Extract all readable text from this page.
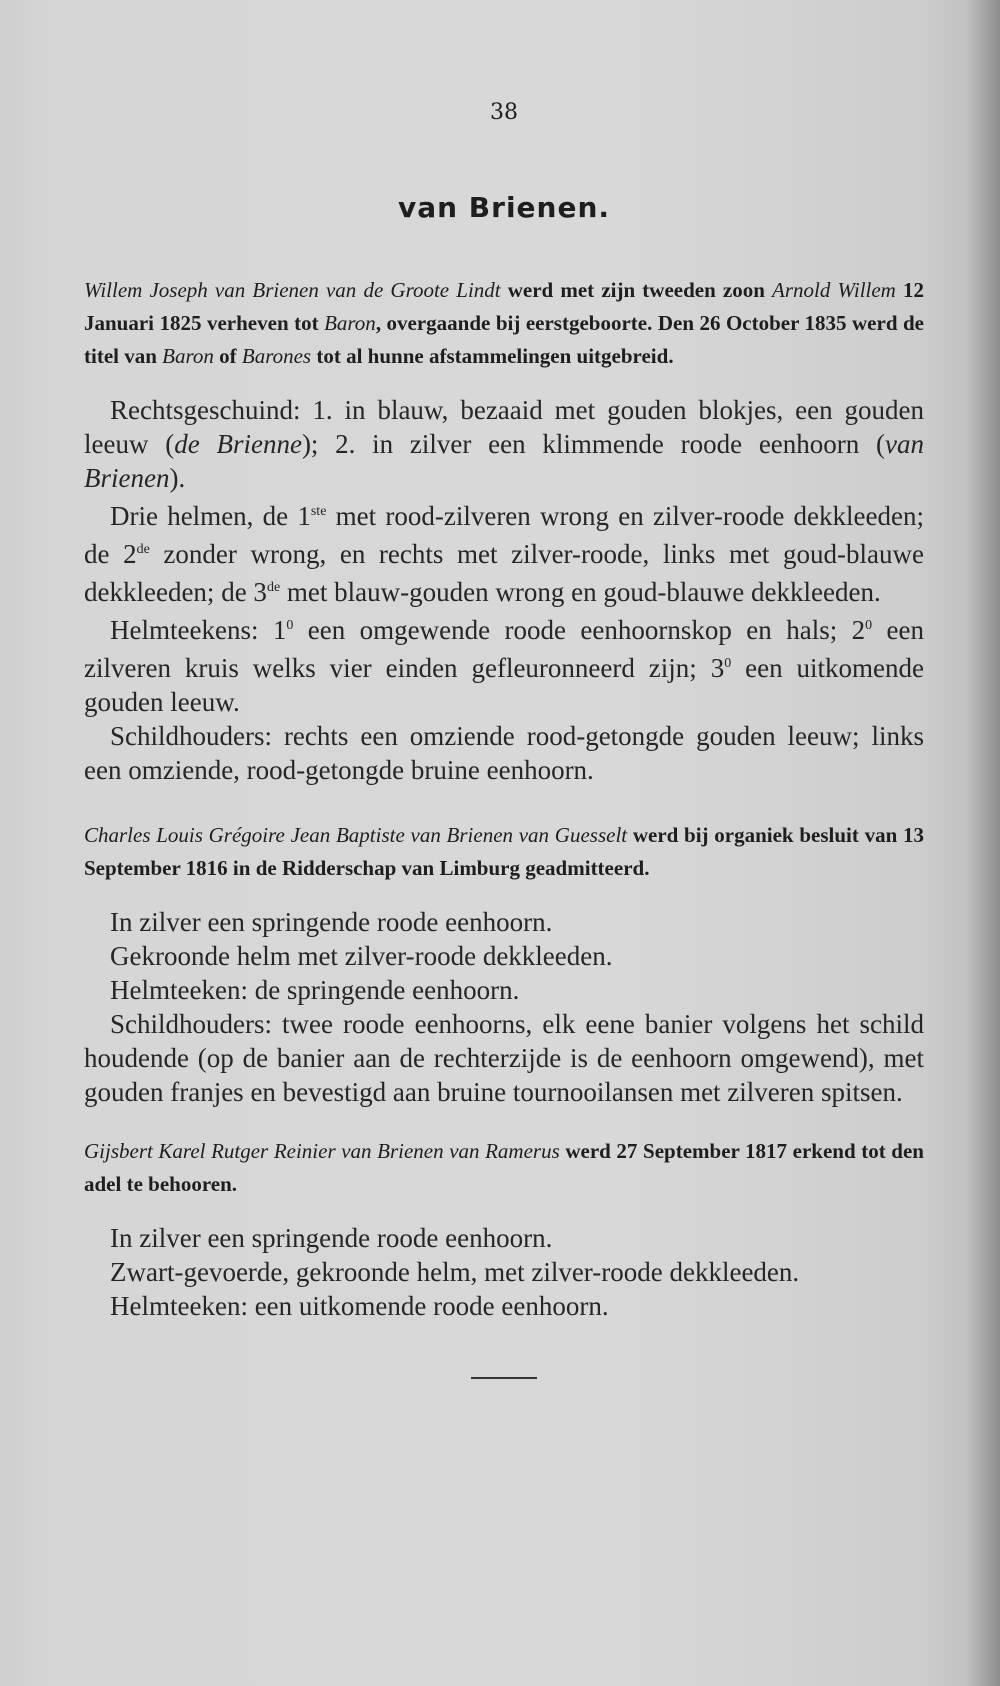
38
van Brienen.

Willem Joseph van Brienen van de Groote Lindt werd met zijn tweeden zoon Arnold Willem 12 Januari 1825 verheven tot Baron, overgaande bij eerstgeboorte. Den 26 October 1835 werd de titel van Baron of Barones tot al hunne afstammelingen uitgebreid.

Rechtsgeschuind: 1. in blauw, bezaaid met gouden blokjes, een gouden leeuw (de Brienne); 2. in zilver een klimmende roode eenhoorn (van Brienen).

Drie helmen, de 1ste met rood-zilveren wrong en zilver-roode dekkleeden; de 2de zonder wrong, en rechts met zilver-roode, links met goud-blauwe dekkleeden; de 3de met blauw-gouden wrong en goud-blauwe dekkleeden.

Helmteekens: $1^0$ een omgewende roode eenhoornskop en hals; $2^0$ een zilveren kruis welks vier einden gefleuronneerd zijn; $3^0$ een uitkomende gouden leeuw.

Schildhouders: rechts een omziende rood-getongde gouden leeuw; links een omziende, rood-getongde bruine eenhoorn.

Charles Louis Grégoire Jean Baptiste van Brienen van Guesselt werd bij organiek besluit van 13 September 1816 in de Ridderschap van Limburg geadmitteerd.

In zilver een springende roode eenhoorn.

Gekroonde helm met zilver-roode dekkleeden.

Helmteeken: de springende eenhoorn.

Schildhouders: twee roode eenhoorns, elk eene banier volgens het schild houdende (op de banier aan de rechterzijde is de eenhoorn omgewend), met gouden franjes en bevestigd aan bruine tournooilansen met zilveren spitsen.

Gijsbert Karel Rutger Reinier van Brienen van Ramerus werd 27 September 1817 erkend tot den adel te behooren.

In zilver een springende roode eenhoorn.

Zwart-gevoerde, gekroonde helm, met zilver-roode dekkleeden.

Helmteeken: een uitkomende roode eenhoorn.
